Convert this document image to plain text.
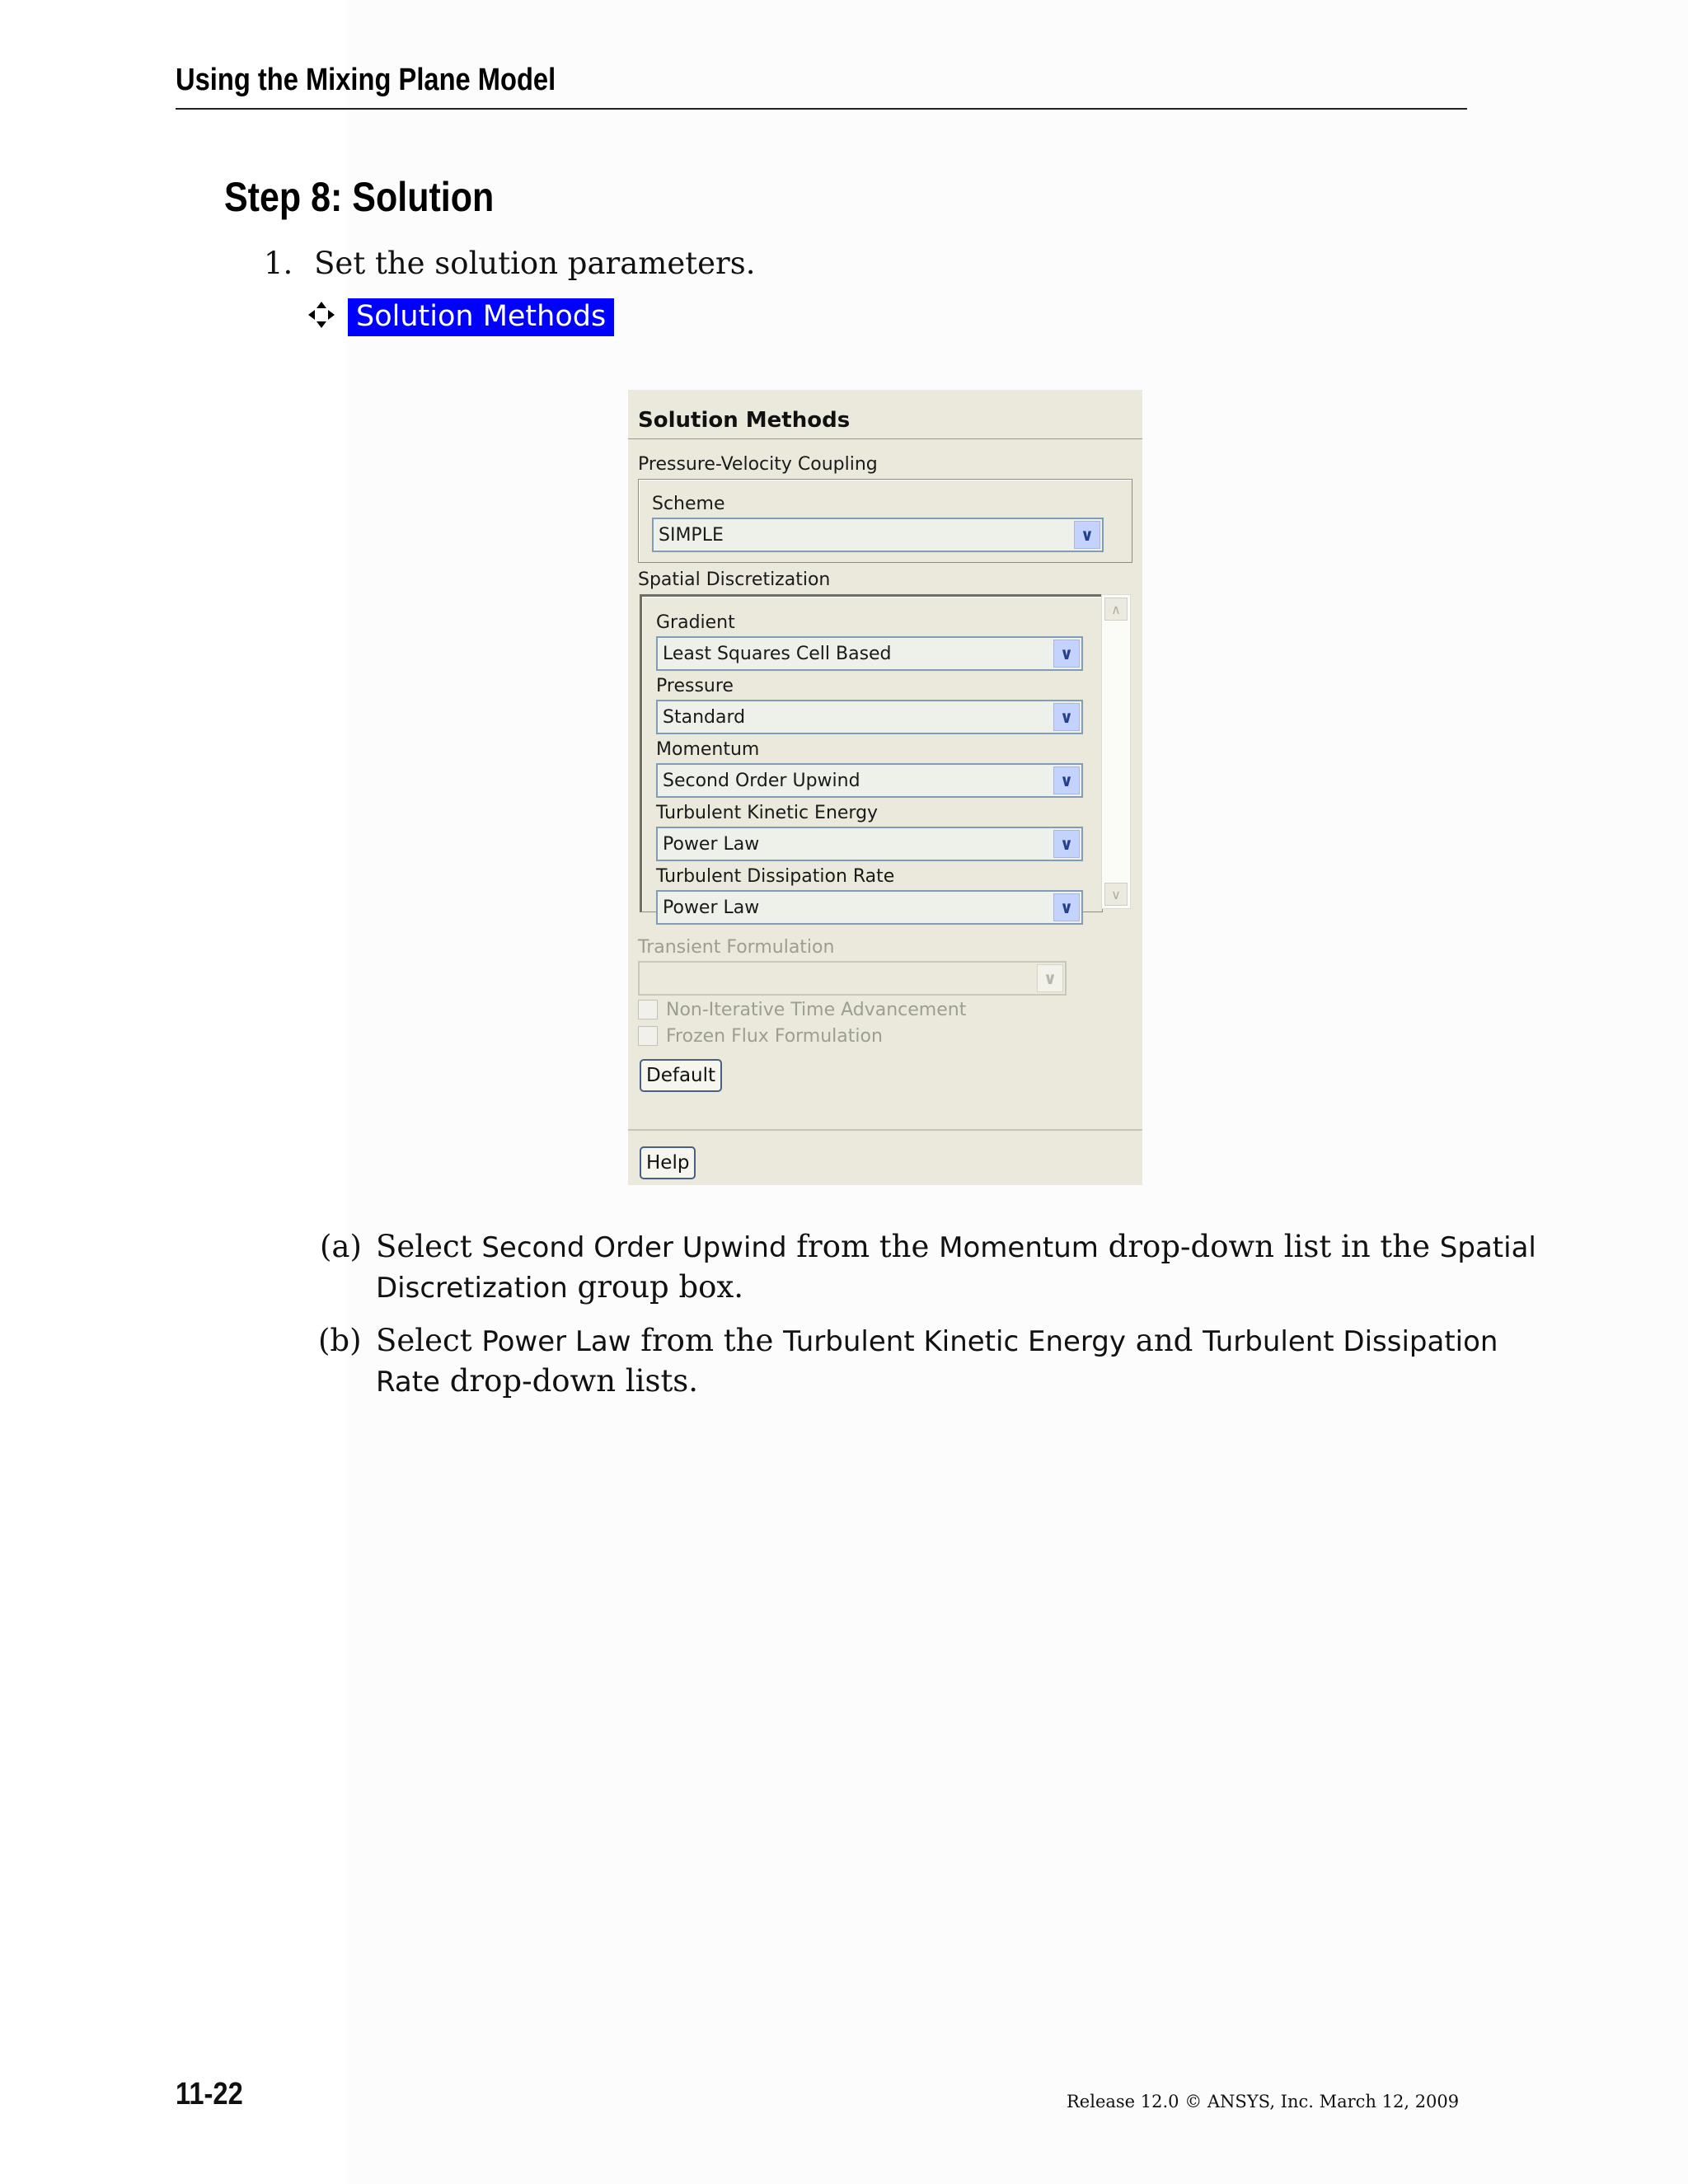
Using the Mixing Plane Model
Step 8: Solution
1. Set the solution parameters.
Solution Methods
Solution Methods
Pressure-Velocity Coupling
Scheme
SIMPLE	∨
Spatial Discretization
Gradient
Least Squares Cell Based	∨
Pressure
Standard	∨
Momentum
Second Order Upwind	∨
Turbulent Kinetic Energy
Power Law	∨
Turbulent Dissipation Rate
Power Law	∨
∧
∨
Transient Formulation
∨
Non-Iterative Time Advancement
Frozen Flux Formulation
Default
Help
(a) Select Second Order Upwind from the Momentum drop-down list in the Spatial
Discretization group box.
(b) Select Power Law from the Turbulent Kinetic Energy and Turbulent Dissipation
Rate drop-down lists.
11-22	Release 12.0 © ANSYS, Inc. March 12, 2009
